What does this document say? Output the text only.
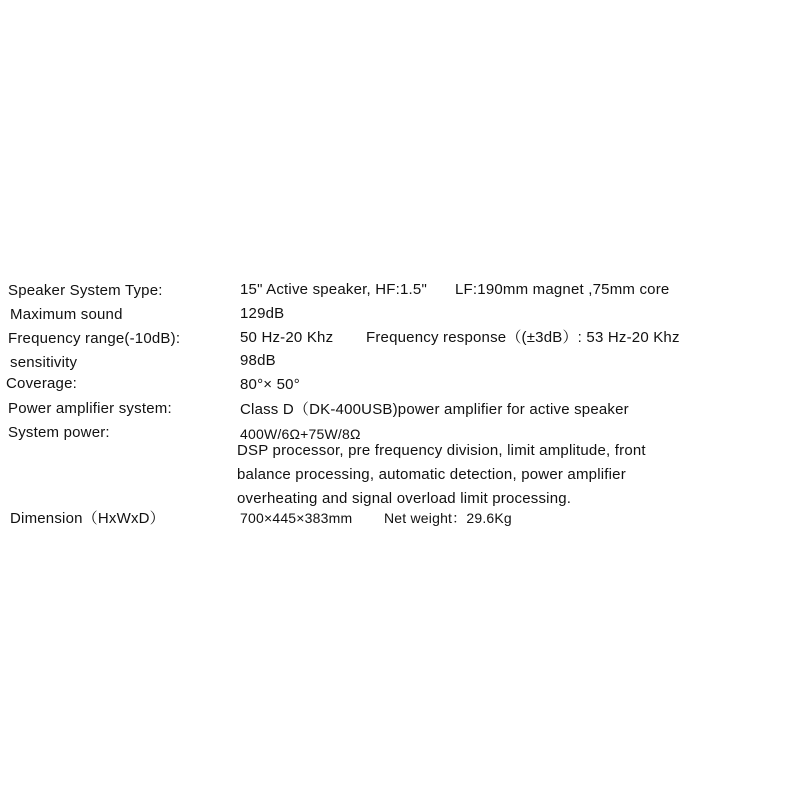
Speaker System Type:	15" Active speaker, HF:1.5" LF:190mm magnet ,75mm core
Maximum sound	129dB
Frequency range(-10dB):	50 Hz-20 Khz Frequency response（(±3dB）: 53 Hz-20 Khz
sensitivity	98dB
Coverage:	80°× 50°
Power amplifier system:	Class D（DK-400USB)power amplifier for active speaker
System power:	400W/6Ω+75W/8Ω
DSP processor, pre frequency division, limit amplitude, front
balance processing, automatic detection, power amplifier
overheating and signal overload limit processing.
Dimension（HxWxD）	700×445×383mm Net weight：29.6Kg
